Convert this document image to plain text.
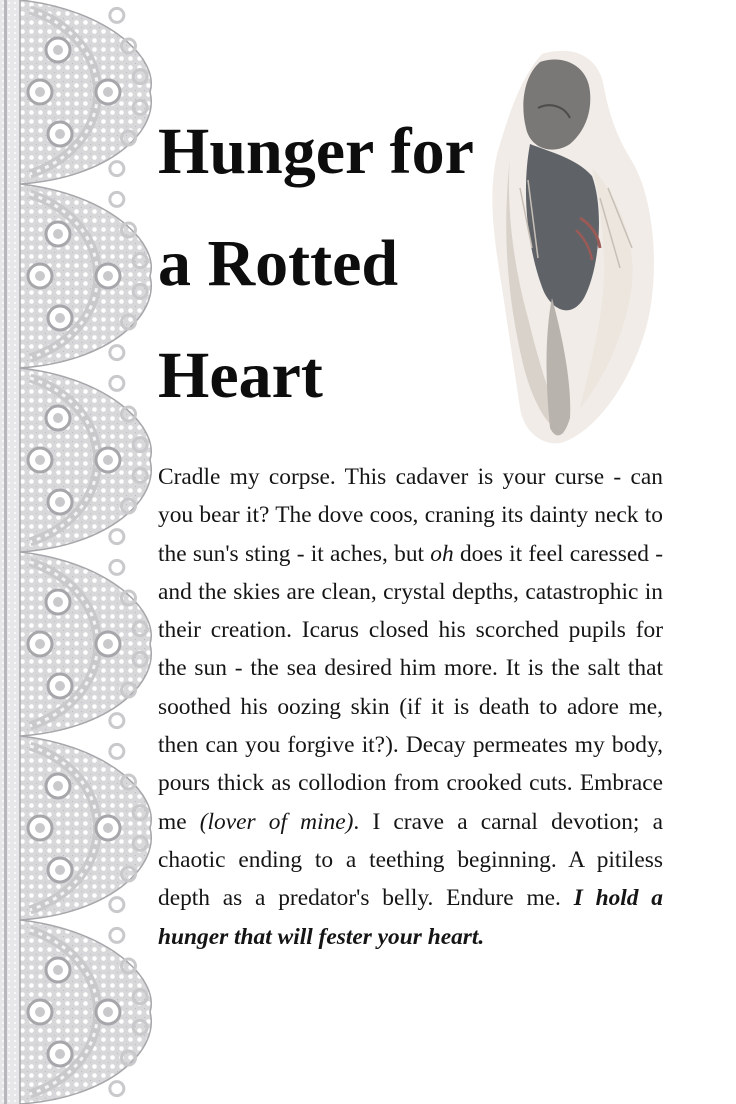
Hunger for
a Rotted
Heart

Cradle my corpse. This cadaver is your curse - can you bear it? The dove coos, craning its dainty neck to the sun's sting - it aches, but oh does it feel caressed - and the skies are clean, crystal depths, catastrophic in their creation. Icarus closed his scorched pupils for the sun - the sea desired him more. It is the salt that soothed his oozing skin (if it is death to adore me, then can you forgive it?). Decay permeates my body, pours thick as collodion from crooked cuts. Embrace me (lover of mine). I crave a carnal devotion; a chaotic ending to a teething beginning. A pitiless depth as a predator's belly. Endure me. I hold a hunger that will fester your heart.
